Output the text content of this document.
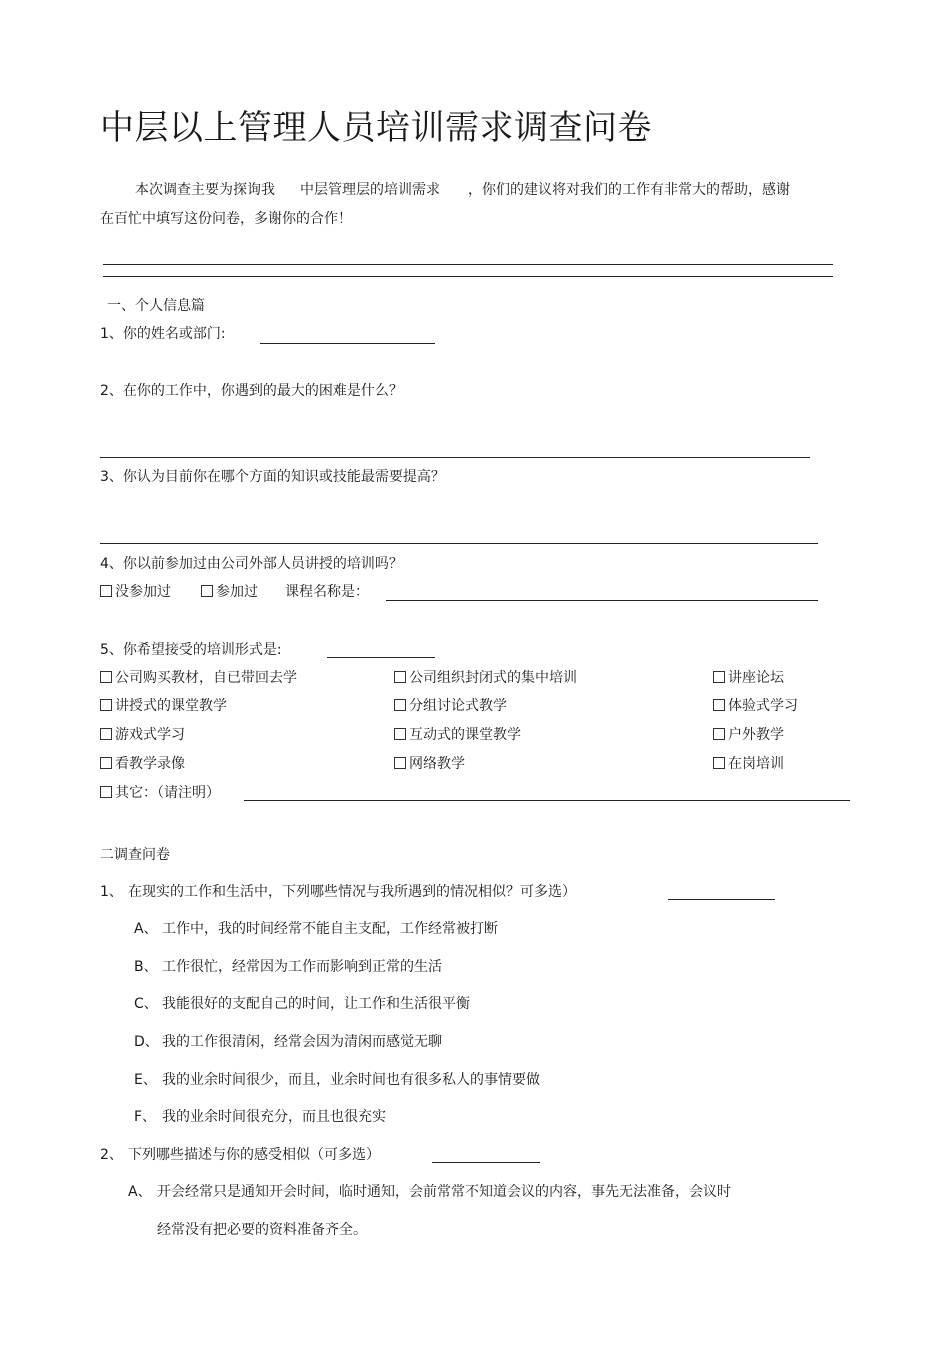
中层以上管理人员培训需求调查问卷
本次调查主要为探询我 中层管理层的培训需求 ，你们的建议将对我们的工作有非常大的帮助，感谢
在百忙中填写这份问卷，多谢你的合作！
一、个人信息篇
1、你的姓名或部门:
2、在你的工作中，你遇到的最大的困难是什么？
3、你认为目前你在哪个方面的知识或技能最需要提高？
4、你以前参加过由公司外部人员讲授的培训吗？
没参加过	参加过 课程名称是：
5、你希望接受的培训形式是:
公司购买教材，自已带回去学
讲授式的课堂教学
游戏式学习
看教学录像
公司组织封闭式的集中培训
分组讨论式教学
互动式的课堂教学
网络教学
讲座论坛
体验式学习
户外教学
在岗培训
其它：（请注明）
二调查问卷
1、 在现实的工作和生活中，下列哪些情况与我所遇到的情况相似？可多选）
A、 工作中，我的时间经常不能自主支配，工作经常被打断
B、 工作很忙，经常因为工作而影响到正常的生活
C、 我能很好的支配自己的时间，让工作和生活很平衡
D、 我的工作很清闲，经常会因为清闲而感觉无聊
E、 我的业余时间很少，而且，业余时间也有很多私人的事情要做
F、 我的业余时间很充分，而且也很充实
2、 下列哪些描述与你的感受相似（可多选）
A、 开会经常只是通知开会时间，临时通知，会前常常不知道会议的内容，事先无法准备，会议时
经常没有把必要的资料准备齐全。
